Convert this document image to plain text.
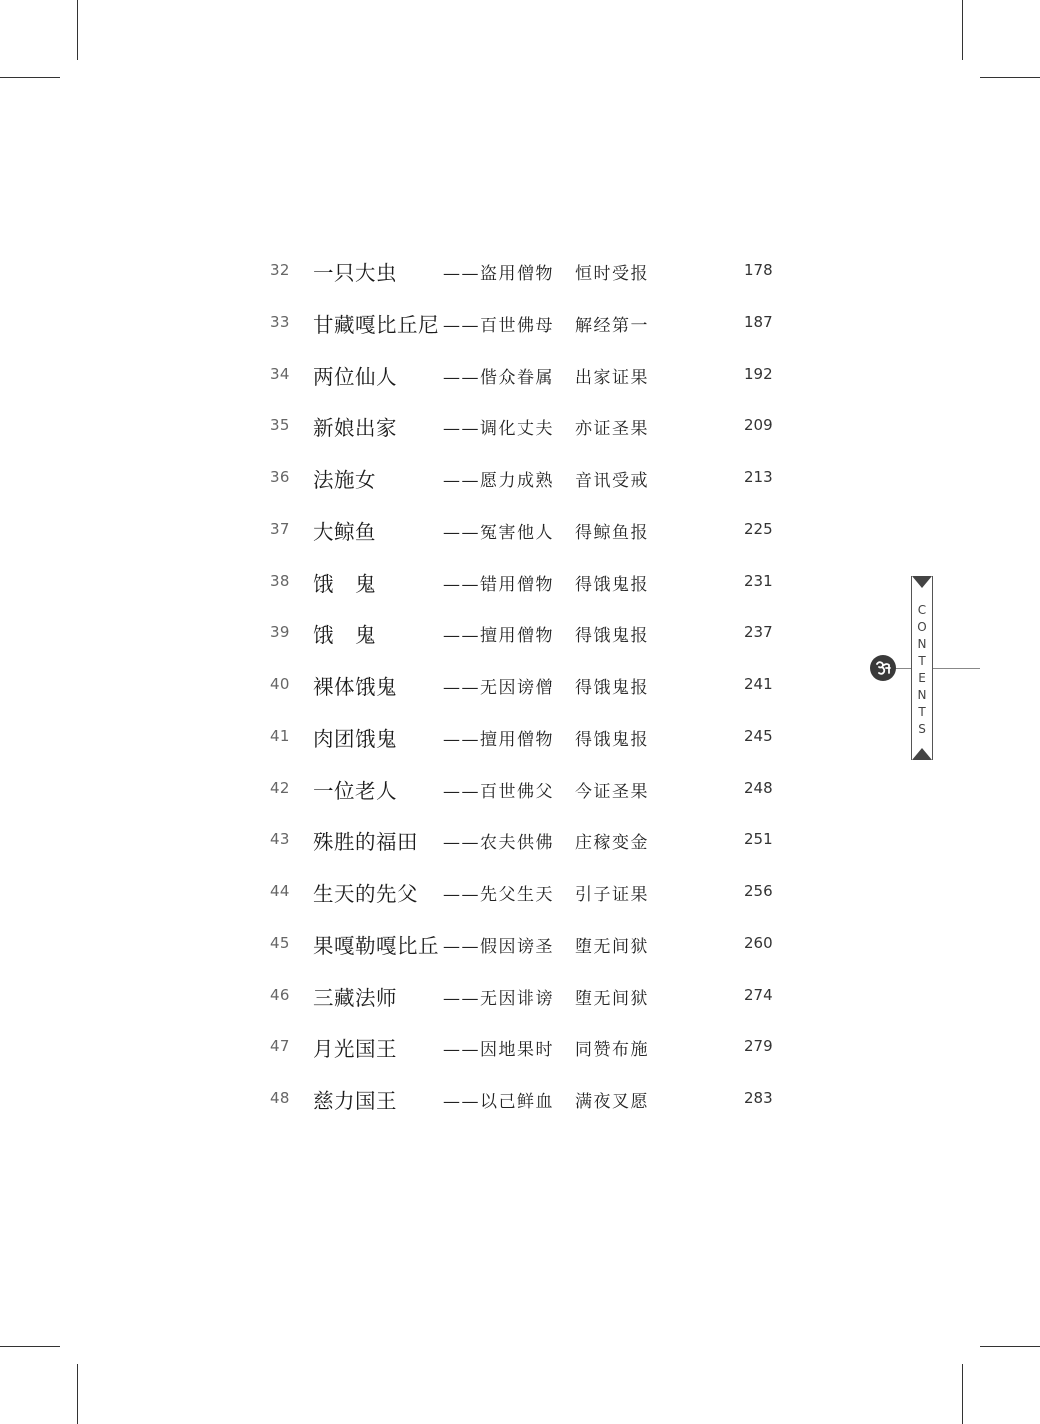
32 一只大虫	——盗用僧物 恒时受报	178
33 甘藏嘎比丘尼 ——百世佛母 解经第一	187
34 两位仙人	——偕众眷属 出家证果	192
35 新娘出家	——调化丈夫 亦证圣果	209
36 法施女	——愿力成熟 音讯受戒	213
37 大鲸鱼	——冤害他人 得鲸鱼报	225
38 饿　鬼	——错用僧物 得饿鬼报	231
39 饿　鬼	——擅用僧物 得饿鬼报	237
40 裸体饿鬼	——无因谤僧 得饿鬼报	241
41 肉团饿鬼	——擅用僧物 得饿鬼报	245
42 一位老人	——百世佛父 今证圣果	248
43 殊胜的福田 ——农夫供佛 庄稼变金	251
44 生天的先父 ——先父生天 引子证果	256
45 果嘎勒嘎比丘 ——假因谤圣 堕无间狱	260
46 三藏法师	——无因诽谤 堕无间狱	274
47 月光国王	——因地果时 同赞布施	279
48 慈力国王	——以己鲜血 满夜叉愿	283
C
O
N
T
E
N
T
S
